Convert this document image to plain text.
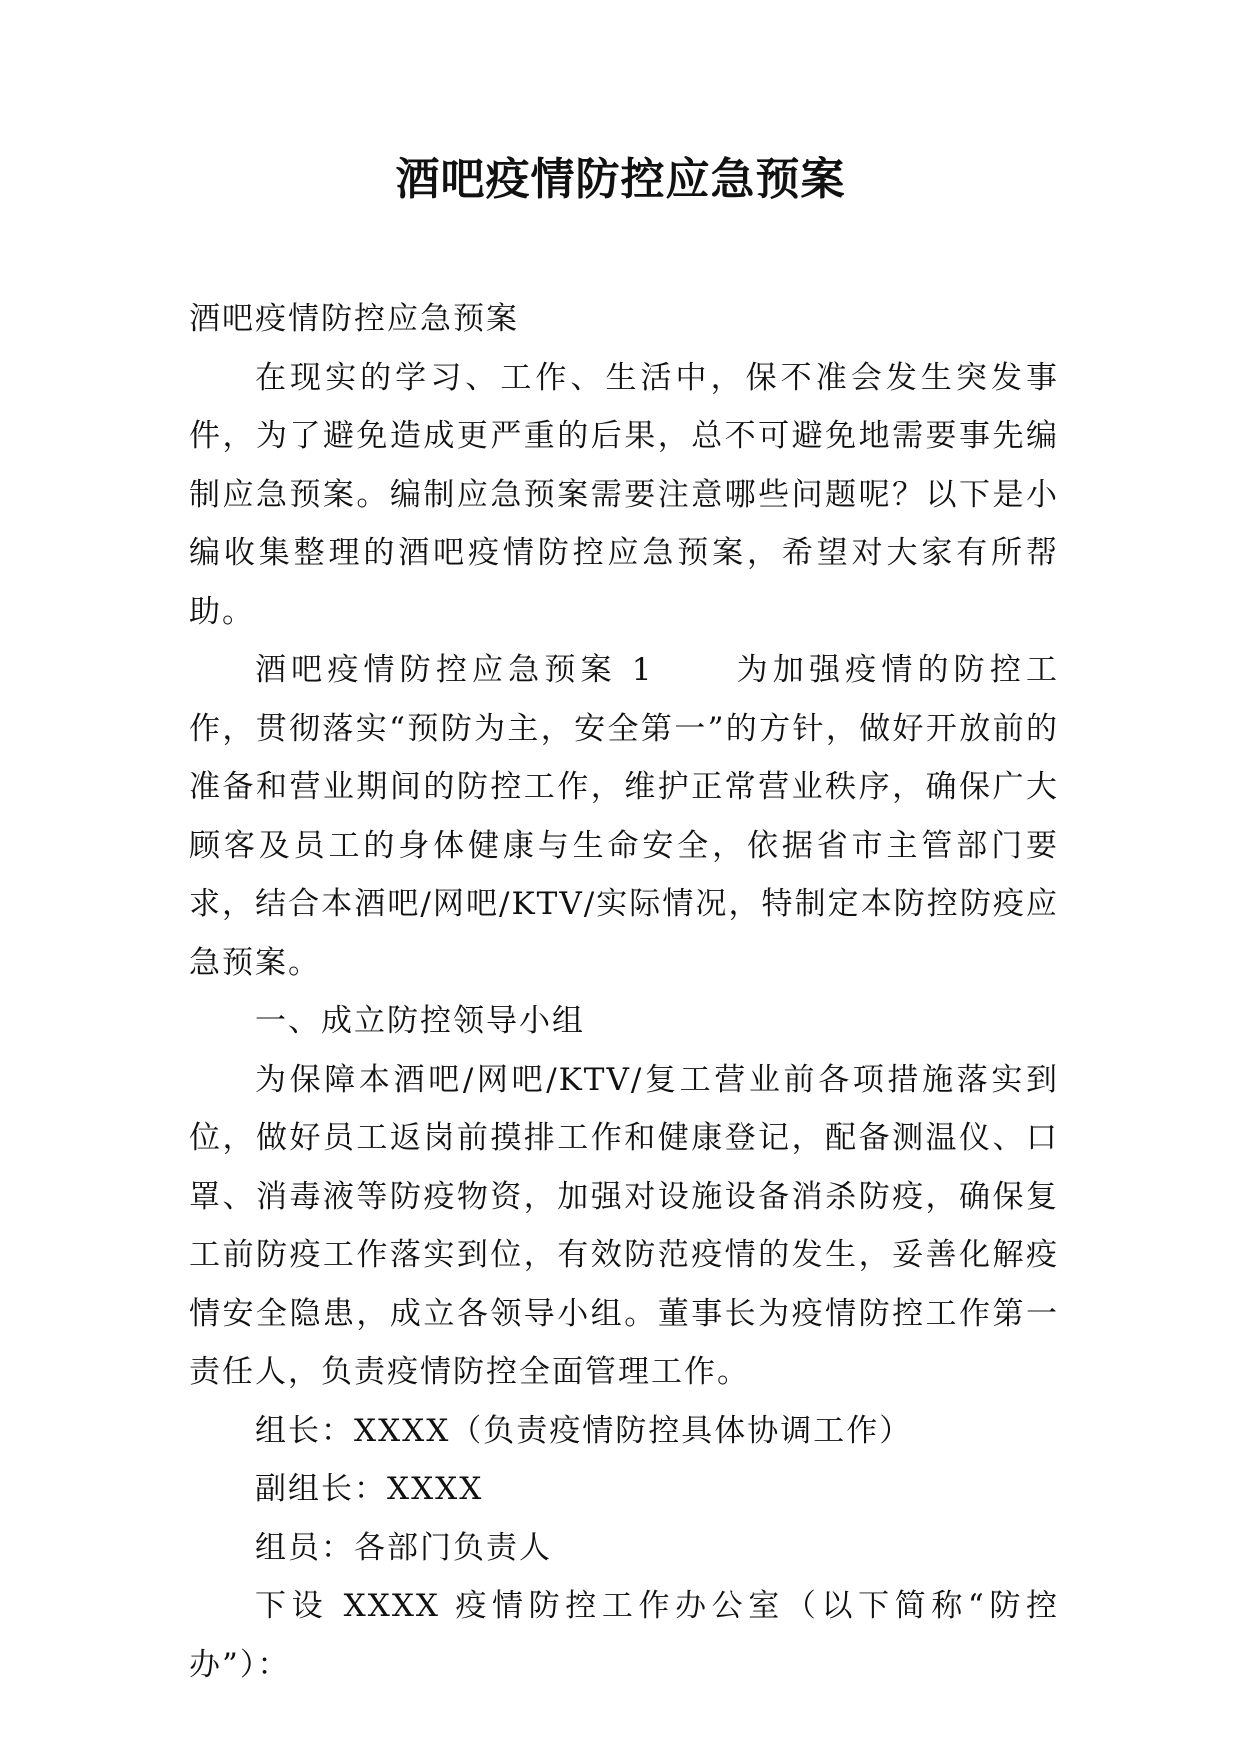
酒吧疫情防控应急预案

酒吧疫情防控应急预案

在现实的学习、工作、生活中，保不准会发生突发事件，为了避免造成更严重的后果，总不可避免地需要事先编制应急预案。编制应急预案需要注意哪些问题呢？以下是小编收集整理的酒吧疫情防控应急预案，希望对大家有所帮助。

酒吧疫情防控应急预案 1	为加强疫情的防控工作，贯彻落实“预防为主，安全第一”的方针，做好开放前的准备和营业期间的防控工作，维护正常营业秩序，确保广大顾客及员工的身体健康与生命安全，依据省市主管部门要求，结合本酒吧/网吧/KTV/实际情况，特制定本防控防疫应急预案。

一、成立防控领导小组

为保障本酒吧/网吧/KTV/复工营业前各项措施落实到位，做好员工返岗前摸排工作和健康登记，配备测温仪、口罩、消毒液等防疫物资，加强对设施设备消杀防疫，确保复工前防疫工作落实到位，有效防范疫情的发生，妥善化解疫情安全隐患，成立各领导小组。董事长为疫情防控工作第一责任人，负责疫情防控全面管理工作。

组长：XXXX（负责疫情防控具体协调工作）

副组长：XXXX

组员：各部门负责人

下设 XXXX 疫情防控工作办公室（以下简称“防控办”）：
